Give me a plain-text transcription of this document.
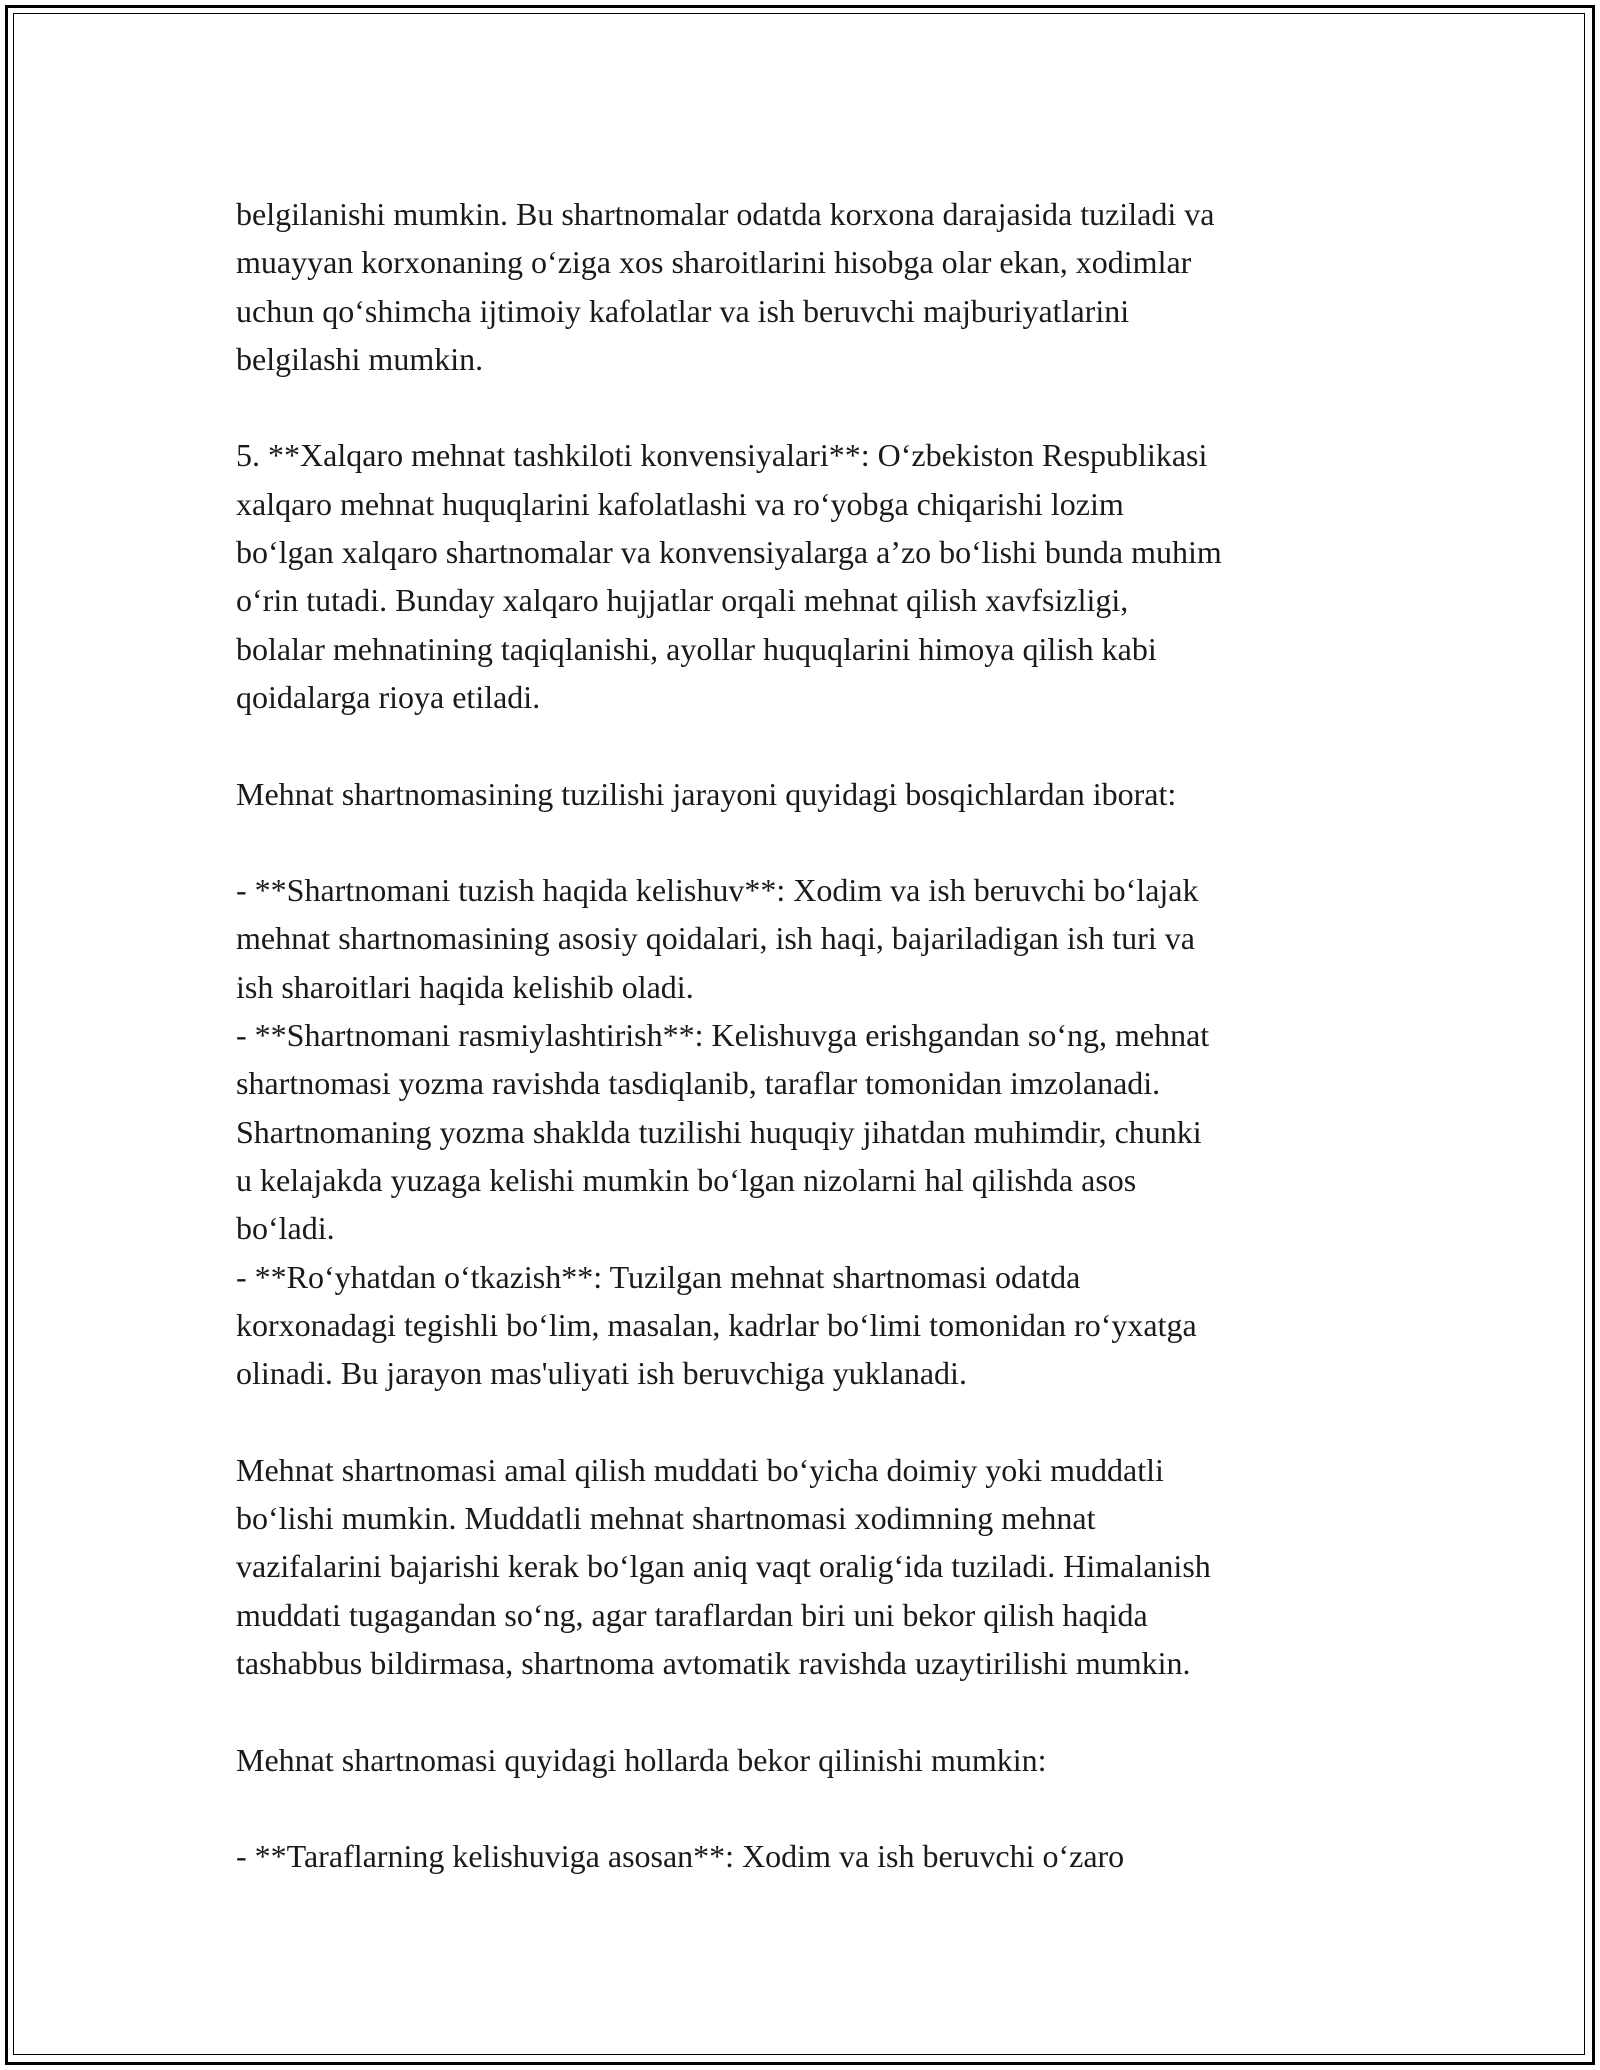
belgilanishi mumkin. Bu shartnomalar odatda korxona darajasida tuziladi va
muayyan korxonaning o‘ziga xos sharoitlarini hisobga olar ekan, xodimlar
uchun qo‘shimcha ijtimoiy kafolatlar va ish beruvchi majburiyatlarini
belgilashi mumkin.
5. **Xalqaro mehnat tashkiloti konvensiyalari**: O‘zbekiston Respublikasi
xalqaro mehnat huquqlarini kafolatlashi va ro‘yobga chiqarishi lozim
bo‘lgan xalqaro shartnomalar va konvensiyalarga a’zo bo‘lishi bunda muhim
o‘rin tutadi. Bunday xalqaro hujjatlar orqali mehnat qilish xavfsizligi,
bolalar mehnatining taqiqlanishi, ayollar huquqlarini himoya qilish kabi
qoidalarga rioya etiladi.
Mehnat shartnomasining tuzilishi jarayoni quyidagi bosqichlardan iborat:
- **Shartnomani tuzish haqida kelishuv**: Xodim va ish beruvchi bo‘lajak
mehnat shartnomasining asosiy qoidalari, ish haqi, bajariladigan ish turi va
ish sharoitlari haqida kelishib oladi.
- **Shartnomani rasmiylashtirish**: Kelishuvga erishgandan so‘ng, mehnat
shartnomasi yozma ravishda tasdiqlanib, taraflar tomonidan imzolanadi.
Shartnomaning yozma shaklda tuzilishi huquqiy jihatdan muhimdir, chunki
u kelajakda yuzaga kelishi mumkin bo‘lgan nizolarni hal qilishda asos
bo‘ladi.
- **Ro‘yhatdan o‘tkazish**: Tuzilgan mehnat shartnomasi odatda
korxonadagi tegishli bo‘lim, masalan, kadrlar bo‘limi tomonidan ro‘yxatga
olinadi. Bu jarayon mas'uliyati ish beruvchiga yuklanadi.
Mehnat shartnomasi amal qilish muddati bo‘yicha doimiy yoki muddatli
bo‘lishi mumkin. Muddatli mehnat shartnomasi xodimning mehnat
vazifalarini bajarishi kerak bo‘lgan aniq vaqt oralig‘ida tuziladi. Himalanish
muddati tugagandan so‘ng, agar taraflardan biri uni bekor qilish haqida
tashabbus bildirmasa, shartnoma avtomatik ravishda uzaytirilishi mumkin.
Mehnat shartnomasi quyidagi hollarda bekor qilinishi mumkin:
- **Taraflarning kelishuviga asosan**: Xodim va ish beruvchi o‘zaro
